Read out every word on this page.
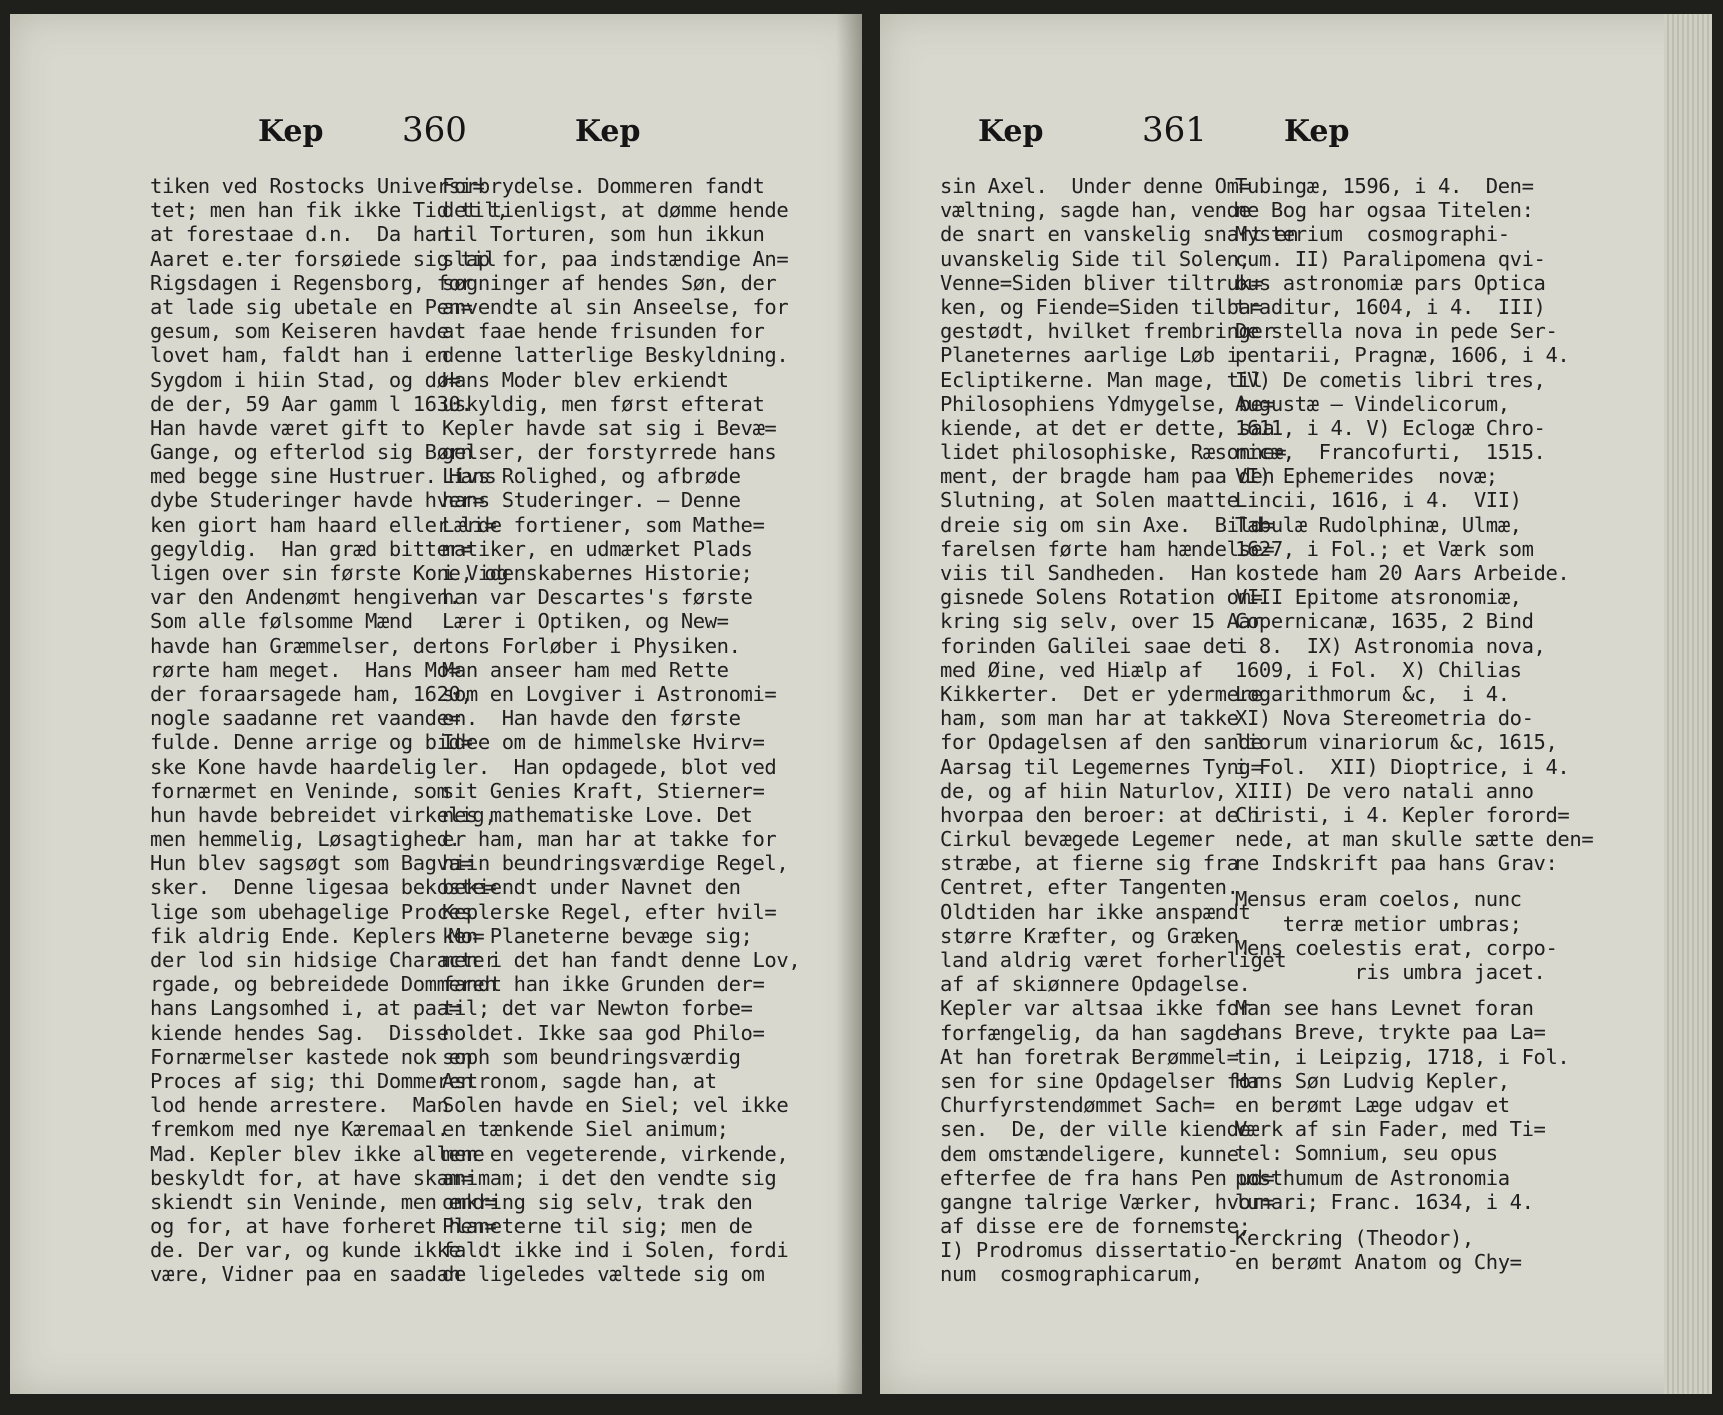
Kep 360	Kep
tiken ved Rostocks Universi=
tet; men han fik ikke Tid til,
at forestaae d.n.  Da han
Aaret e.ter forsøiede sig til
Rigsdagen i Regensborg, for
at lade sig ubetale en Pen=
gesum, som Keiseren havde
lovet ham, faldt han i en
Sygdom i hiin Stad, og dø=
de der, 59 Aar gamm l 1630.
Han havde været gift to
Gange, og efterlod sig Børn
med begge sine Hustruer. Hans
dybe Studeringer havde hver=
ken giort ham haard eller li=
gegyldig.  Han græd bitter=
ligen over sin første Kone, og
var den Andenømt hengiven.
Som alle følsomme Mænd
havde han Græmmelser, der
rørte ham meget.  Hans Mo=
der foraarsagede ham, 1620,
nogle saadanne ret vaande=
fulde. Denne arrige og bid=
ske Kone havde haardelig
fornærmet en Veninde, som
hun havde bebreidet virkelig,
men hemmelig, Løsagtighed.
Hun blev sagsøgt som Bagva=
sker.  Denne ligesaa bekoste=
lige som ubehagelige Proces
fik aldrig Ende. Keplers Mo=
der lod sin hidsige Character
rgade, og bebreidede Dommeren
hans Langsomhed i, at paa=
kiende hendes Sag.  Disse
Fornærmelser kastede nok en
Proces af sig; thi Dommeren
lod hende arrestere.  Man
fremkom med nye Kæremaal.
Mad. Kepler blev ikke allene
beskyldt for, at have skam=
skiendt sin Veninde, men end=
og for, at have forheret hen=
de. Der var, og kunde ikke
være, Vidner paa en saadan
Forbrydelse. Dommeren fandt
det tienligst, at dømme hende
til Torturen, som hun ikkun
slap for, paa indstændige An=
søgninger af hendes Søn, der
anvendte al sin Anseelse, for
at faae hende frisunden for
denne latterlige Beskyldning.
Hans Moder blev erkiendt
uskyldig, men først efterat
Kepler havde sat sig i Bevæ=
gelser, der forstyrrede hans
Livs Rolighed, og afbrøde
hans Studeringer. — Denne
Lærde fortiener, som Mathe=
matiker, en udmærket Plads
i Videnskabernes Historie;
han var Descartes's første
Lærer i Optiken, og New=
tons Forløber i Physiken.
Man anseer ham med Rette
som en Lovgiver i Astronomi=
en.  Han havde den første
Idee om de himmelske Hvirv=
ler.  Han opdagede, blot ved
sit Genies Kraft, Stierner=
nes mathematiske Love. Det
er ham, man har at takke for
hiin beundringsværdige Regel,
bekiendt under Navnet den
Keplerske Regel, efter hvil=
ken Planeterne bevæge sig;
men i det han fandt denne Lov,
fandt han ikke Grunden der=
til; det var Newton forbe=
holdet. Ikke saa god Philo=
soph som beundringsværdig
Astronom, sagde han, at
Solen havde en Siel; vel ikke
en tænkende Siel animum;
men en vegeterende, virkende,
animam; i det den vendte sig
omkring sig selv, trak den
Planeterne til sig; men de
faldt ikke ind i Solen, fordi
de ligeledes væltede sig om
Kep	361	Kep
sin Axel.  Under denne Om=
væltning, sagde han, vende
de snart en vanskelig snart en
uvanskelig Side til Solen;
Venne=Siden bliver tiltruk=
ken, og Fiende=Siden tilba=
gestødt, hvilket frembringer
Planeternes aarlige Løb i
Ecliptikerne. Man mage, til
Philosophiens Ydmygelse, be=
kiende, at det er dette, saa
lidet philosophiske, Ræsonne=
ment, der bragde ham paa den
Slutning, at Solen maatte
dreie sig om sin Axe.  Bild=
farelsen førte ham hændelse=
viis til Sandheden.  Han
gisnede Solens Rotation om=
kring sig selv, over 15 Aar
forinden Galilei saae det
med Øine, ved Hiælp af
Kikkerter.  Det er ydermere
ham, som man har at takke
for Opdagelsen af den sande
Aarsag til Legemernes Tyng=
de, og af hiin Naturlov,
hvorpaa den beroer: at de i
Cirkul bevægede Legemer
stræbe, at fierne sig fra
Centret, efter Tangenten.
Oldtiden har ikke anspændt
større Kræfter, og Græken
land aldrig været forherliget
af af skiønnere Opdagelse.
Kepler var altsaa ikke for
forfængelig, da han sagde:
At han foretrak Berømmel=
sen for sine Opdagelser for
Churfyrstendømmet Sach=
sen.  De, der ville kiende
dem omstændeligere, kunne
efterfee de fra hans Pen ud=
gangne talrige Værker, hvor=
af disse ere de fornemste;
I) Prodromus dissertatio-
num  cosmographicarum,
Tubingæ, 1596, i 4.  Den=
ne Bog har ogsaa Titelen:
Mysterium  cosmographi-
cum. II) Paralipomena qvi-
bus astronomiæ pars Optica
traditur, 1604, i 4.  III)
De stella nova in pede Ser-
pentarii, Pragnæ, 1606, i 4.
IV) De cometis libri tres,
Augustæ — Vindelicorum,
1611, i 4. V) Eclogæ Chro-
nicæ,  Francofurti,  1515.
VI) Ephemerides  novæ;
Lincii, 1616, i 4.  VII)
Tabulæ Rudolphinæ, Ulmæ,
1627, i Fol.; et Værk som
kostede ham 20 Aars Arbeide.
VIII Epitome atsronomiæ,
Copernicanæ, 1635, 2 Bind
i 8.  IX) Astronomia nova,
1609, i Fol.  X) Chilias
Logarithmorum &c,  i 4.
XI) Nova Stereometria do-
liorum vinariorum &c, 1615,
i Fol.  XII) Dioptrice, i 4.
XIII) De vero natali anno
Christi, i 4. Kepler forord=
nede, at man skulle sætte den=
ne Indskrift paa hans Grav:
Mensus eram coelos, nunc
terræ metior umbras;
Mens coelestis erat, corpo-
ris umbra jacet.
Man see hans Levnet foran
hans Breve, trykte paa La=
tin, i Leipzig, 1718, i Fol.
Hans Søn Ludvig Kepler,
en berømt Læge udgav et
Værk af sin Fader, med Ti=
tel: Somnium, seu opus
posthumum de Astronomia
lunari; Franc. 1634, i 4.
Kerckring (Theodor),
en berømt Anatom og Chy=
